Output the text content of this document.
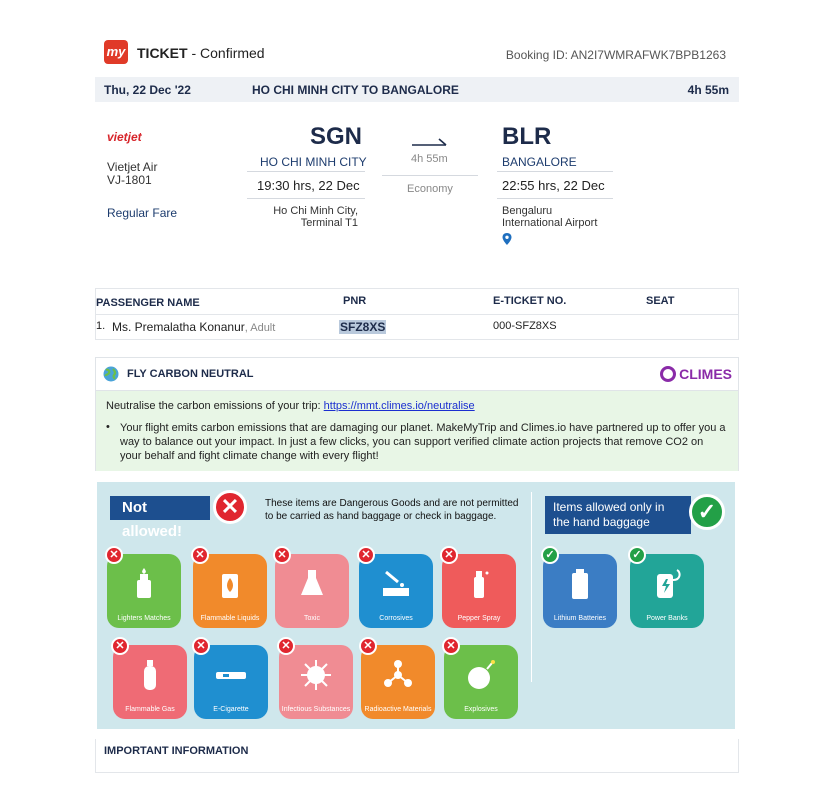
my TICKET - Confirmed	Booking ID: AN2I7WMRAFWK7BPB1263
Thu, 22 Dec '22	HO CHI MINH CITY TO BANGALORE	4h 55m
vietjet
Vietjet Air
VJ-1801
Regular Fare
SGN
HO CHI MINH CITY
19:30 hrs, 22 Dec
Ho Chi Minh City,
Terminal T1
4h 55m
Economy
BLR
BANGALORE
22:55 hrs, 22 Dec
Bengaluru
International Airport
PASSENGER NAME	PNR	E-TICKET NO.	SEAT
1. Ms. Premalatha Konanur, Adult	SFZ8XS	000-SFZ8XS
FLY CARBON NEUTRAL	CLIMES
Neutralise the carbon emissions of your trip: https://mmt.climes.io/neutralise
• Your flight emits carbon emissions that are damaging our planet. MakeMyTrip and Climes.io have partnered up to offer you a way to balance out your impact. In just a few clicks, you can support verified climate action projects that remove CO2 on your behalf and fight climate change with every flight!
Not allowed!
✕	These items are Dangerous Goods and are not permitted to be carried as hand baggage or check in baggage.
Items allowed only in the hand baggage	✓
Lighters Matches
✕
Flammable Liquids
✕
Toxic
✕
Corrosives
✕
Pepper Spray
✕
Flammable Gas
✕
E-Cigarette
✕
Infectious Substances
✕
Radioactive Materials
✕
Explosives
✕
Lithium Batteries
✓
Power Banks
✓
IMPORTANT INFORMATION
